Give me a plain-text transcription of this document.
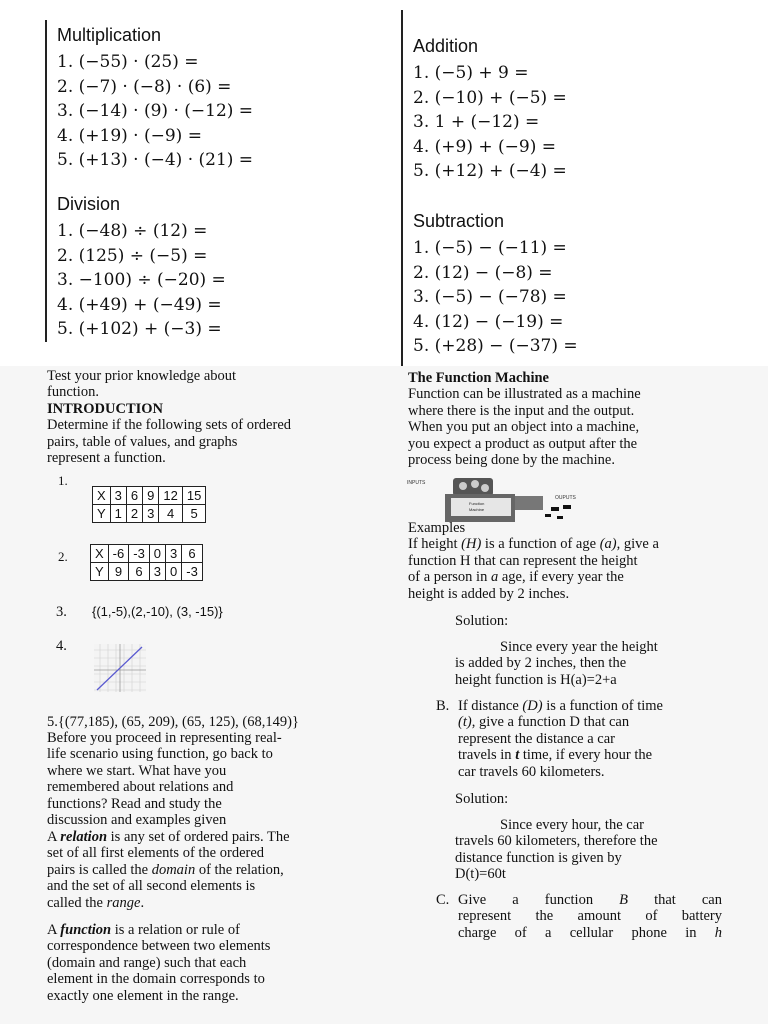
Multiplication
1. (−55) · (25) =
2. (−7) · (−8) · (6) =
3. (−14) · (9) · (−12) =
4. (+19) · (−9) =
5. (+13) · (−4) · (21) =
Division
1. (−48) ÷ (12) =
2. (125) ÷ (−5) =
3. −100) ÷ (−20) =
4. (+49) + (−49) =
5. (+102) + (−3) =
Addition
1. (−5) + 9 =
2. (−10) + (−5) =
3. 1 + (−12) =
4. (+9) + (−9) =
5. (+12) + (−4) =
Subtraction
1. (−5) − (−11) =
2. (12) − (−8) =
3. (−5) − (−78) =
4. (12) − (−19) =
5. (+28) − (−37) =
Test your prior knowledge about
function.
INTRODUCTION
Determine if the following sets of ordered
pairs, table of values, and graphs
represent a function.
1.
X	3	6	9	12	15
Y	1	2	3	4	5
2. X	-6	-3	0	3	6
Y	9	6	3	0	-3
3. {(1,-5),(2,-10), (3, -15)}
4.
5.{(77,185), (65, 209), (65, 125), (68,149)}
Before you proceed in representing real-
life scenario using function, go back to
where we start. What have you
remembered about relations and
functions? Read and study the
discussion and examples given
A relation is any set of ordered pairs. The
set of all first elements of the ordered
pairs is called the domain of the relation,
and the set of all second elements is
called the range.
A function is a relation or rule of
correspondence between two elements
(domain and range) such that each
element in the domain corresponds to
exactly one element in the range.
The Function Machine
Function can be illustrated as a machine
where there is the input and the output.
When you put an object into a machine,
you expect a product as output after the
process being done by the machine.
INPUTS
Function
Machine
OUPUTS
Examples
If height (H) is a function of age (a), give a
function H that can represent the height
of a person in a age, if every year the
height is added by 2 inches.
Solution:
Since every year the height
is added by 2 inches, then the
height function is H(a)=2+a
B. If distance (D) is a function of time
(t), give a function D that can
represent the distance a car
travels in t time, if every hour the
car travels 60 kilometers.
Solution:
Since every hour, the car
travels 60 kilometers, therefore the
distance function is given by
D(t)=60t
C. Give a function B that can
represent the amount of battery
charge of a cellular phone in h
